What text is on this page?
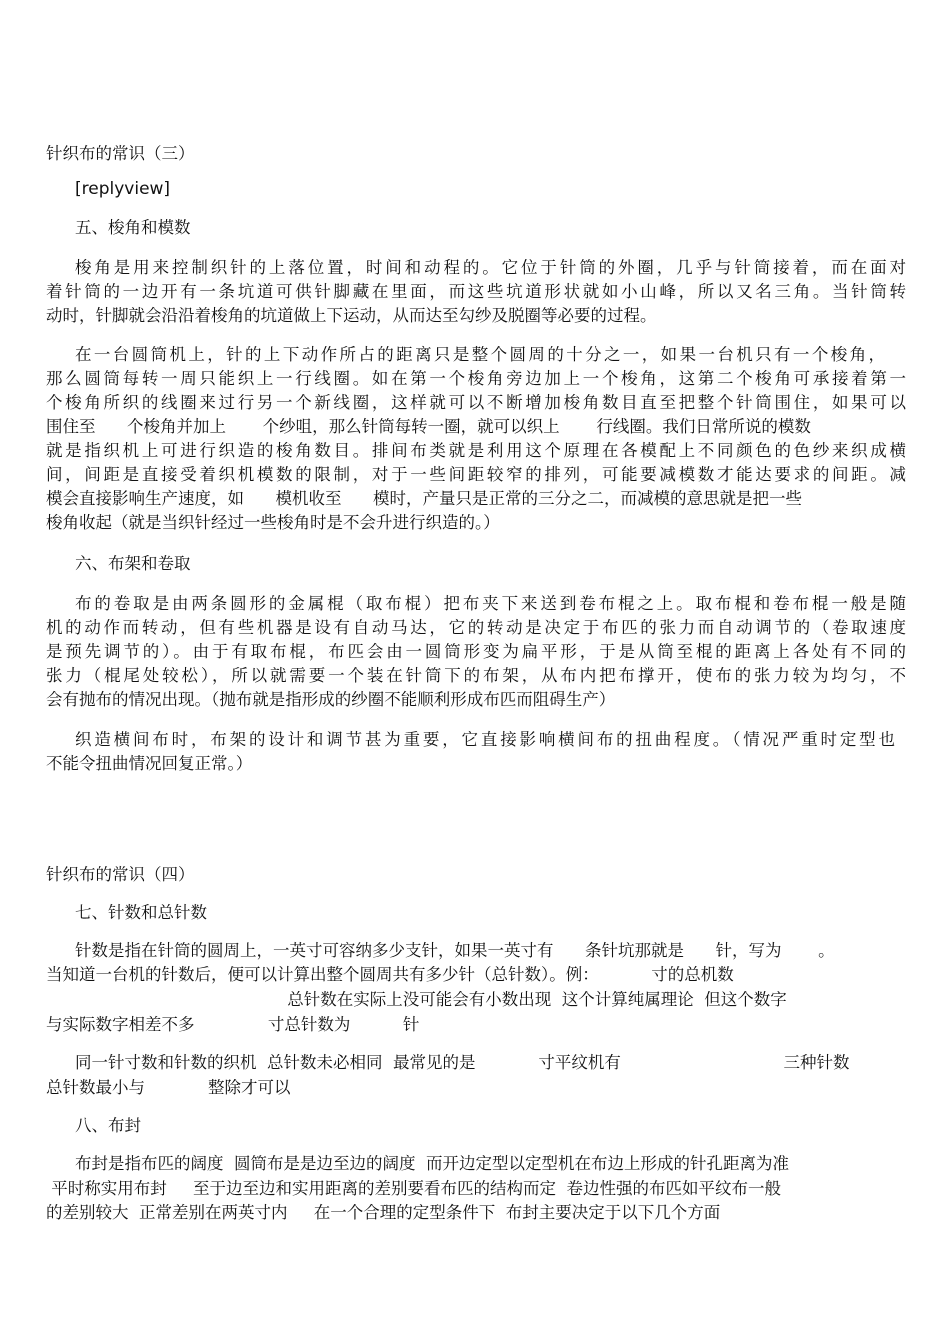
针织布的常识（三）
[replyview]
五、梭角和模数
梭角是用来控制织针的上落位置，时间和动程的。它位于针筒的外圈，几乎与针筒接着，而在面对
着针筒的一边开有一条坑道可供针脚藏在里面，而这些坑道形状就如小山峰，所以又名三角。当针筒转
动时，针脚就会沿沿着梭角的坑道做上下运动，从而达至勾纱及脱圈等必要的过程。
在一台圆筒机上，针的上下动作所占的距离只是整个圆周的十分之一，如果一台机只有一个梭角，
那么圆筒每转一周只能织上一行线圈。如在第一个梭角旁边加上一个梭角，这第二个梭角可承接着第一
个梭角所织的线圈来过行另一个新线圈，这样就可以不断增加梭角数目直至把整个针筒围住，如果可以
围住至      个梭角并加上       个纱咀，那么针筒每转一圈，就可以织上       行线圈。我们日常所说的模数
就是指织机上可进行织造的梭角数目。排间布类就是利用这个原理在各模配上不同颜色的色纱来织成横
间，间距是直接受着织机模数的限制，对于一些间距较窄的排列，可能要减模数才能达要求的间距。减
模会直接影响生产速度，如      模机收至      模时，产量只是正常的三分之二，而减模的意思就是把一些
梭角收起（就是当织针经过一些梭角时是不会升进行织造的。）
六、布架和卷取
布的卷取是由两条圆形的金属棍（取布棍）把布夹下来送到卷布棍之上。取布棍和卷布棍一般是随
机的动作而转动，但有些机器是设有自动马达，它的转动是决定于布匹的张力而自动调节的（卷取速度
是预先调节的）。由于有取布棍，布匹会由一圆筒形变为扁平形，于是从筒至棍的距离上各处有不同的
张力（棍尾处较松），所以就需要一个装在针筒下的布架，从布内把布撑开，使布的张力较为均匀，不
会有抛布的情况出现。（抛布就是指形成的纱圈不能顺利形成布匹而阻碍生产）
织造横间布时，布架的设计和调节甚为重要，它直接影响横间布的扭曲程度。（情况严重时定型也
不能令扭曲情况回复正常。）
针织布的常识（四）
七、针数和总针数
针数是指在针筒的圆周上，一英寸可容纳多少支针，如果一英寸有      条针坑那就是      针，写为       。
当知道一台机的针数后，便可以计算出整个圆周共有多少针（总针数）。例：          寸的总机数
总针数在实际上没可能会有小数出现  这个计算纯属理论  但这个数字
与实际数字相差不多              寸总针数为          针
同一针寸数和针数的织机  总针数未必相同  最常见的是            寸平纹机有                               三种针数
总针数最小与            整除才可以
八、布封
布封是指布匹的阔度  圆筒布是是边至边的阔度  而开边定型以定型机在布边上形成的针孔距离为准
平时称实用布封     至于边至边和实用距离的差别要看布匹的结构而定  卷边性强的布匹如平纹布一般
的差别较大  正常差别在两英寸内     在一个合理的定型条件下  布封主要决定于以下几个方面
